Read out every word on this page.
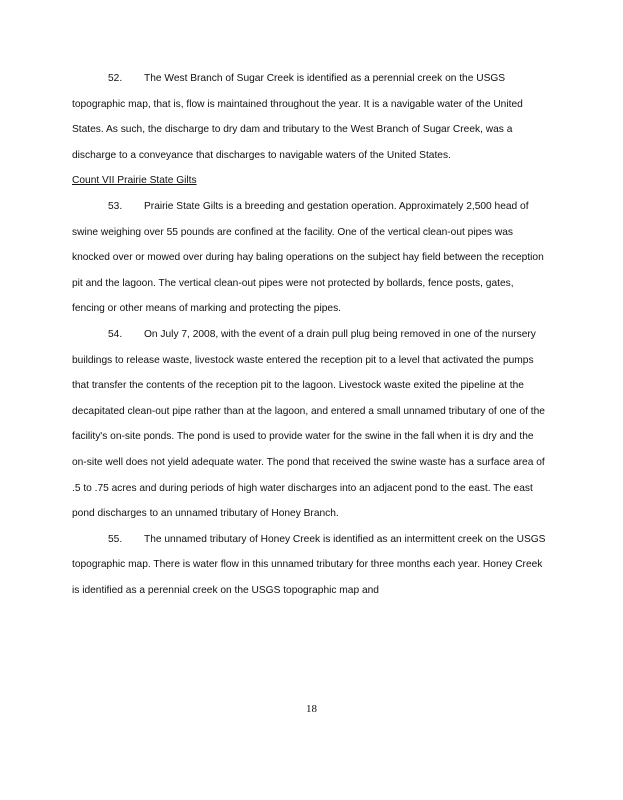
52. The West Branch of Sugar Creek is identified as a perennial creek on the USGS topographic map, that is, flow is maintained throughout the year. It is a navigable water of the United States. As such, the discharge to dry dam and tributary to the West Branch of Sugar Creek, was a discharge to a conveyance that discharges to navigable waters of the United States.

Count VII Prairie State Gilts

53. Prairie State Gilts is a breeding and gestation operation. Approximately 2,500 head of swine weighing over 55 pounds are confined at the facility. One of the vertical clean-out pipes was knocked over or mowed over during hay baling operations on the subject hay field between the reception pit and the lagoon. The vertical clean-out pipes were not protected by bollards, fence posts, gates, fencing or other means of marking and protecting the pipes.

54. On July 7, 2008, with the event of a drain pull plug being removed in one of the nursery buildings to release waste, livestock waste entered the reception pit to a level that activated the pumps that transfer the contents of the reception pit to the lagoon. Livestock waste exited the pipeline at the decapitated clean-out pipe rather than at the lagoon, and entered a small unnamed tributary of one of the facility's on-site ponds. The pond is used to provide water for the swine in the fall when it is dry and the on-site well does not yield adequate water. The pond that received the swine waste has a surface area of .5 to .75 acres and during periods of high water discharges into an adjacent pond to the east. The east pond discharges to an unnamed tributary of Honey Branch.

55. The unnamed tributary of Honey Creek is identified as an intermittent creek on the USGS topographic map. There is water flow in this unnamed tributary for three months each year. Honey Creek is identified as a perennial creek on the USGS topographic map and

18
